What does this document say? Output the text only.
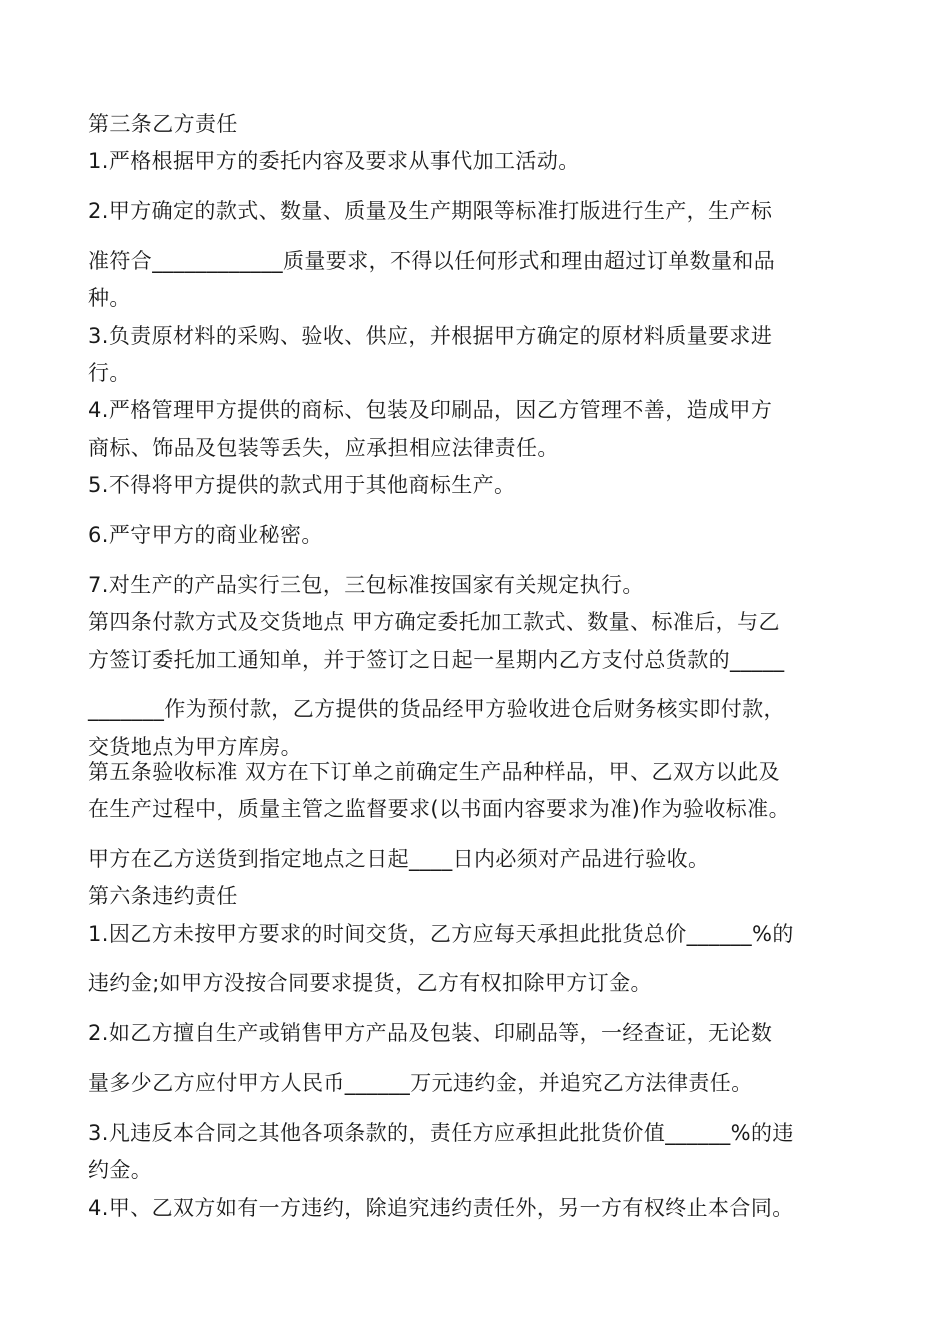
第三条乙方责任
1.严格根据甲方的委托内容及要求从事代加工活动。
2.甲方确定的款式、数量、质量及生产期限等标准打版进行生产，生产标
准符合____________质量要求，不得以任何形式和理由超过订单数量和品
种。
3.负责原材料的采购、验收、供应，并根据甲方确定的原材料质量要求进
行。
4.严格管理甲方提供的商标、包装及印刷品，因乙方管理不善，造成甲方
商标、饰品及包装等丢失，应承担相应法律责任。
5.不得将甲方提供的款式用于其他商标生产。
6.严守甲方的商业秘密。
7.对生产的产品实行三包，三包标准按国家有关规定执行。
第四条付款方式及交货地点 甲方确定委托加工款式、数量、标准后，与乙
方签订委托加工通知单，并于签订之日起一星期内乙方支付总货款的_____
_______作为预付款，乙方提供的货品经甲方验收进仓后财务核实即付款，
交货地点为甲方库房。
第五条验收标准 双方在下订单之前确定生产品种样品，甲、乙双方以此及
在生产过程中，质量主管之监督要求(以书面内容要求为准)作为验收标准。
甲方在乙方送货到指定地点之日起____日内必须对产品进行验收。
第六条违约责任
1.因乙方未按甲方要求的时间交货，乙方应每天承担此批货总价______%的
违约金;如甲方没按合同要求提货，乙方有权扣除甲方订金。
2.如乙方擅自生产或销售甲方产品及包装、印刷品等，一经查证，无论数
量多少乙方应付甲方人民币______万元违约金，并追究乙方法律责任。
3.凡违反本合同之其他各项条款的，责任方应承担此批货价值______%的违
约金。
4.甲、乙双方如有一方违约，除追究违约责任外，另一方有权终止本合同。
